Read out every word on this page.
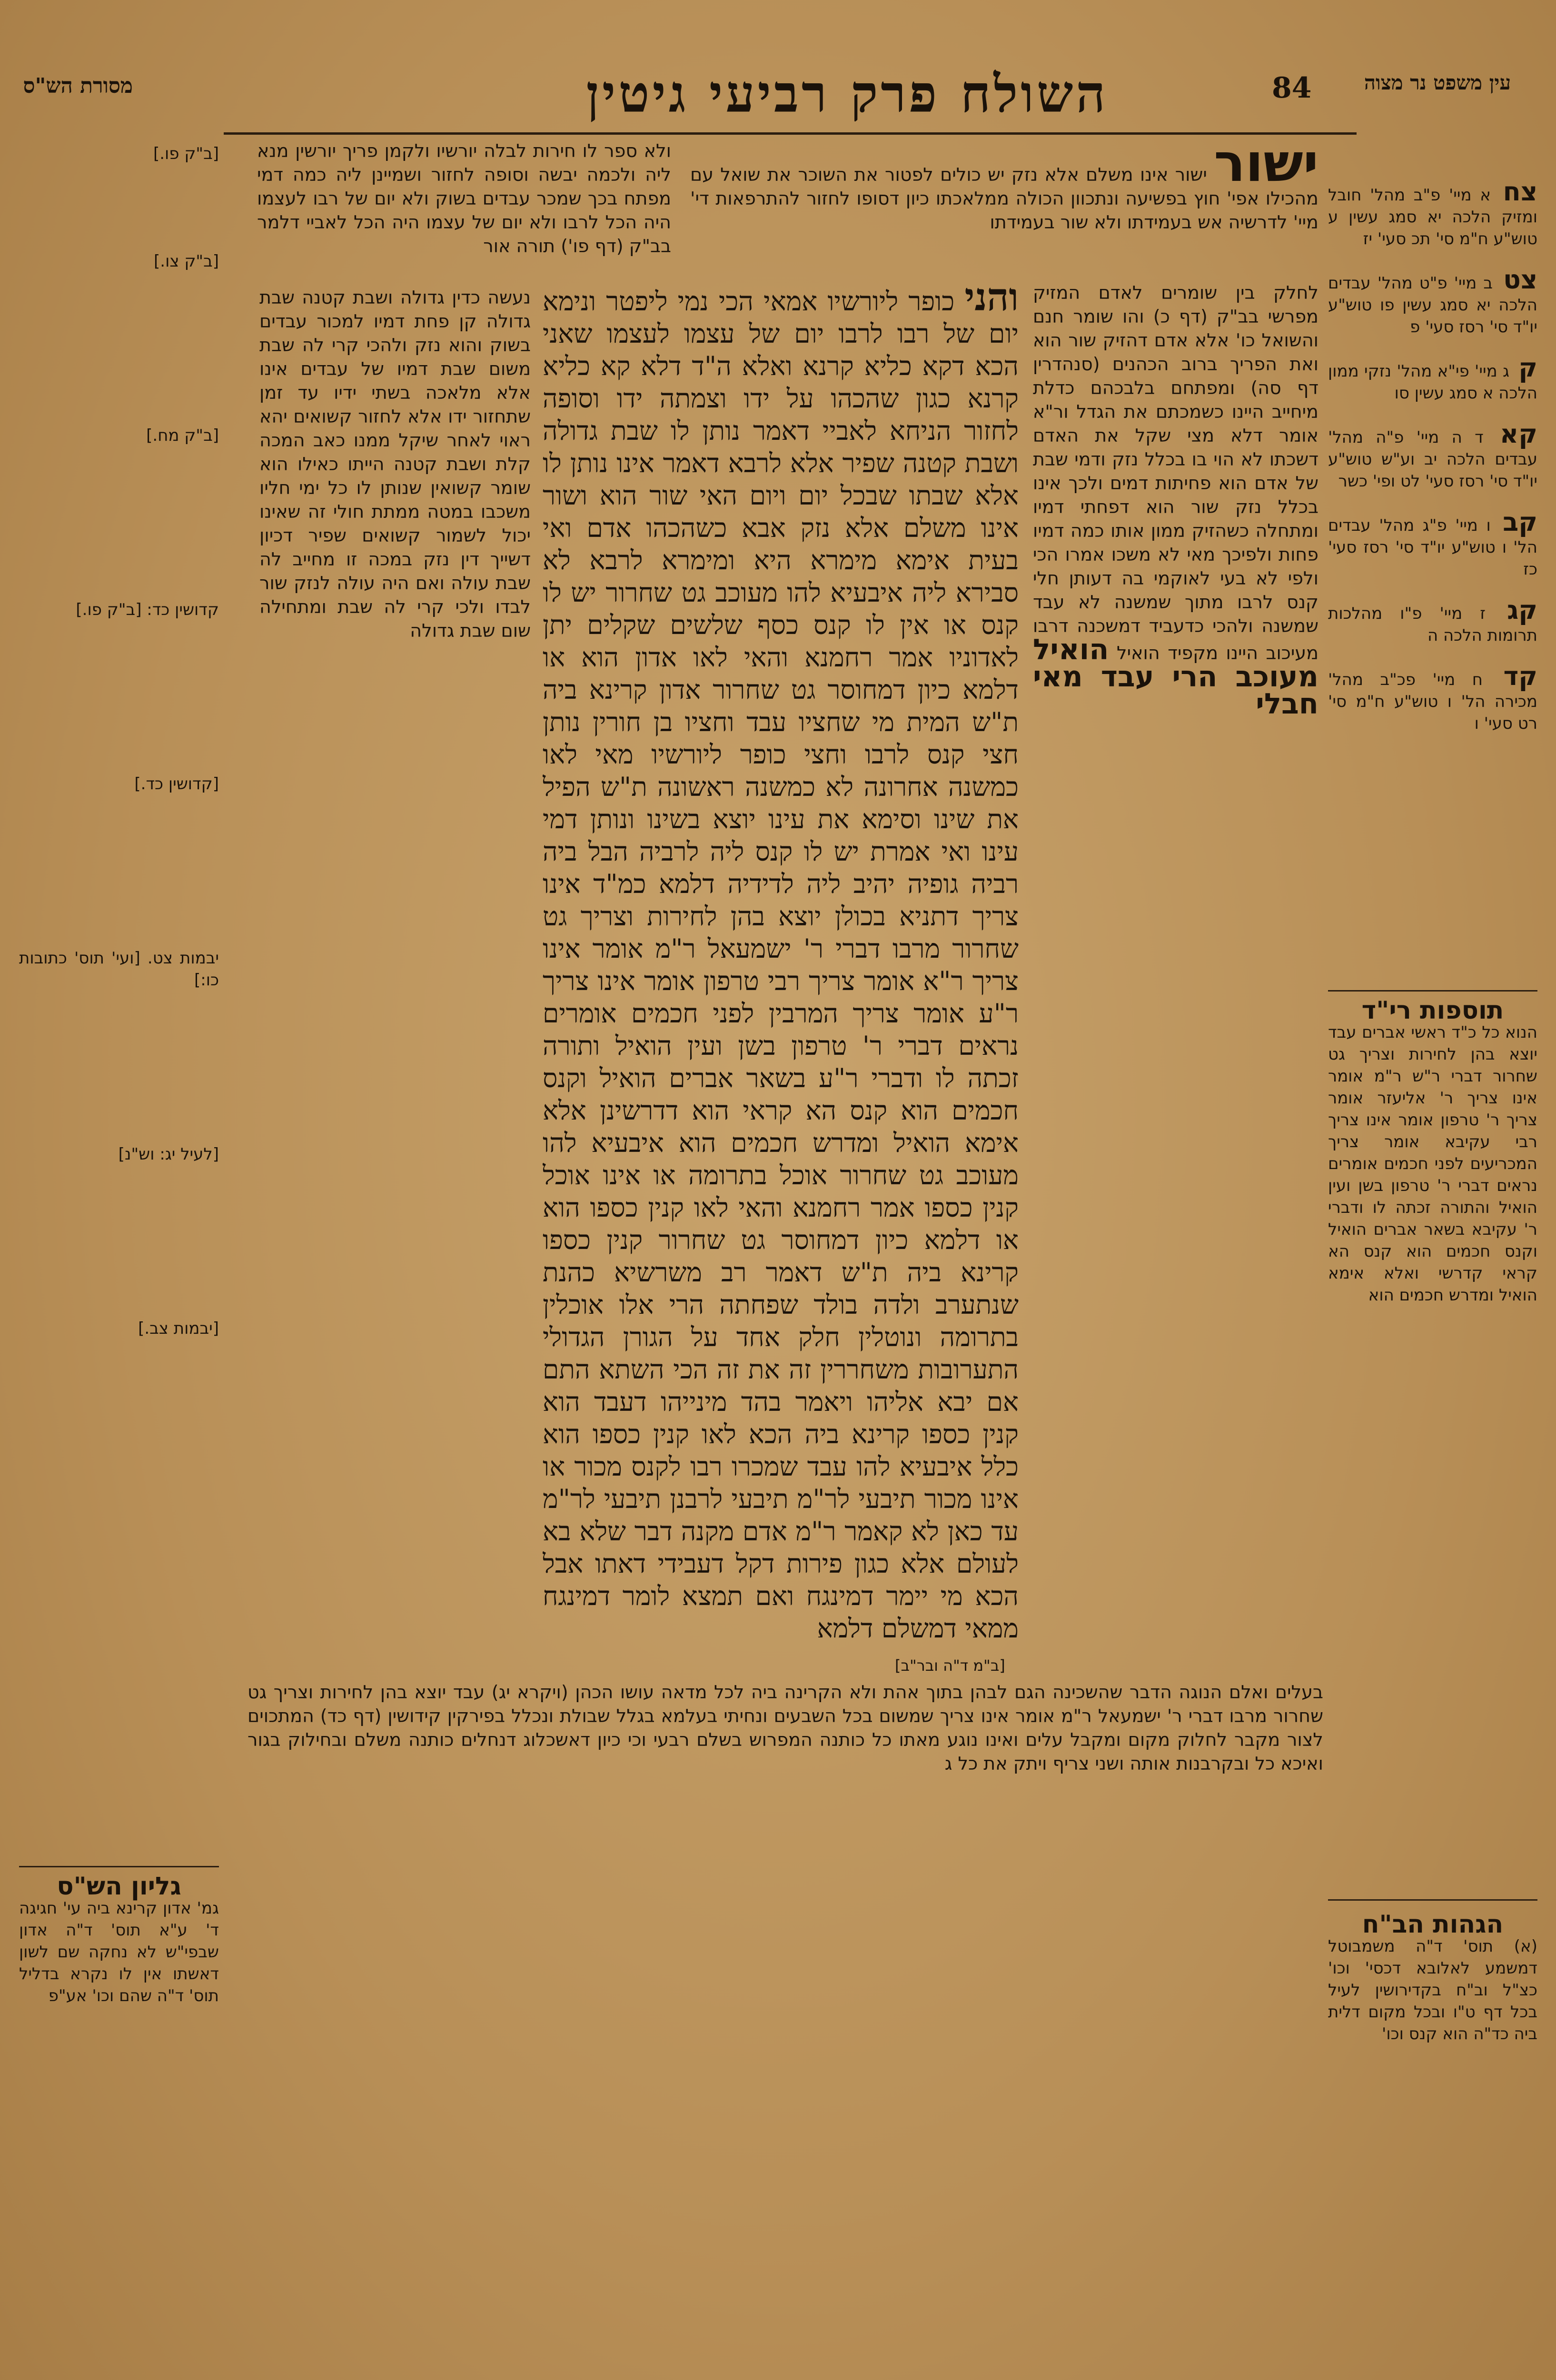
84
השולח פרק רביעי גיטין
מסורת הש"ס	עין משפט נר מצוה
ישור ישור אינו משלם אלא נזק יש כולים לפטור את השוכר את שואל עם מהכילו אפי' חוץ בפשיעה ונתכוון הכולה ממלאכתו כיון דסופו לחזור להתרפאות די' מיי' לדרשיה אש בעמידתו ולא שור בעמידתו
ולא ספר לו חירות לבלה יורשיו ולקמן פריך יורשין מנא ליה ולכמה יבשה וסופה לחזור ושמיינן ליה כמה דמי מפתח בכך שמכר עבדים בשוק ולא יום של רבו לעצמו היה הכל לרבו ולא יום של עצמו היה הכל לאביי דלמר בב"ק (דף פו') תורה אור
והני כופר ליורשיו אמאי הכי נמי ליפטר ונימא יום של רבו לרבו יום של עצמו לעצמו שאני הכא דקא כליא קרנא ואלא ה"ד דלא קא כליא קרנא כגון שהכהו על ידו וצמתה ידו וסופה לחזור הניחא לאביי דאמר נותן לו שבת גדולה ושבת קטנה שפיר אלא לרבא דאמר אינו נותן לו אלא שבתו שבכל יום ויום האי שור הוא ושור אינו משלם אלא נזק אבא כשהכהו אדם ואי בעית אימא מימרא היא ומימרא לרבא לא סבירא ליה איבעיא להו מעוכב גט שחרור יש לו קנס או אין לו קנס כסף שלשים שקלים יתן לאדוניו אמר רחמנא והאי לאו אדון הוא או דלמא כיון דמחוסר גט שחרור אדון קרינא ביה ת"ש המית מי שחציו עבד וחציו בן חורין נותן חצי קנס לרבו וחצי כופר ליורשיו מאי לאו כמשנה אחרונה לא כמשנה ראשונה ת"ש הפיל את שינו וסימא את עינו יוצא בשינו ונותן דמי עינו ואי אמרת יש לו קנס ליה לרביה הבל ביה רביה גופיה יהיב ליה לדידיה דלמא כמ"ד אינו צריך דתניא בכולן יוצא בהן לחירות וצריך גט שחרור מרבו דברי ר' ישמעאל ר"מ אומר אינו צריך ר"א אומר צריך רבי טרפון אומר אינו צריך ר"ע אומר צריך המרבין לפני חכמים אומרים נראים דברי ר' טרפון בשן ועין הואיל ותורה זכתה לו ודברי ר"ע בשאר אברים הואיל וקנס חכמים הוא קנס הא קראי הוא דדרשינן אלא אימא הואיל ומדרש חכמים הוא איבעיא להו מעוכב גט שחרור אוכל בתרומה או אינו אוכל קנין כספו אמר רחמנא והאי לאו קנין כספו הוא או דלמא כיון דמחוסר גט שחרור קנין כספו קרינא ביה ת"ש דאמר רב משרשיא כהנת שנתערב ולדה בולד שפחתה הרי אלו אוכלין בתרומה ונוטלין חלק אחד על הגורן הגדולי התערובות משחררין זה את זה הכי השתא התם אם יבא אליהו ויאמר בהד מינייהו דעבד הוא קנין כספו קרינא ביה הכא לאו קנין כספו הוא כלל איבעיא להו עבד שמכרו רבו לקנס מכור או אינו מכור תיבעי לר"מ תיבעי לרבנן תיבעי לר"מ עד כאן לא קאמר ר"מ אדם מקנה דבר שלא בא לעולם אלא כגון פירות דקל דעבידי דאתו אבל הכא מי יימר דמינגח ואם תמצא לומר דמינגח ממאי דמשלם דלמא
נעשה כדין גדולה ושבת קטנה שבת גדולה קן פחת דמיו למכור עבדים בשוק והוא נזק ולהכי קרי לה שבת משום שבת דמיו של עבדים אינו אלא מלאכה בשתי ידיו עד זמן שתחזור ידו אלא לחזור קשואים יהא ראוי לאחר שיקל ממנו כאב המכה קלת ושבת קטנה הייתו כאילו הוא שומר קשואין שנותן לו כל ימי חליו משכבו במטה ממתת חולי זה שאינו יכול לשמור קשואים שפיר דכיון דשייך דין נזק במכה זו מחייב לה שבת עולה ואם היה עולה לנזק שור לבדו ולכי קרי לה שבת ומתחילה שום שבת גדולה
לחלק בין שומרים לאדם המזיק מפרשי בב"ק (דף כ) והו שומר חנם והשואל כו' אלא אדם דהזיק שור הוא ואת הפריך ברוב הכהנים (סנהדרין דף סה) ומפתחם בלבכהם כדלת מיחייב היינו כשמכתם את הגדל ור"א אומר דלא מצי שקל את האדם דשכתו לא הוי בו בכלל נזק ודמי שבת של אדם הוא פחיתות דמים ולכך אינו בכלל נזק שור הוא דפחתי דמיו ומתחלה כשהזיק ממון אותו כמה דמיו פחות ולפיכך מאי לא משכו אמרו הכי ולפי לא בעי לאוקמי בה דעותן חלי קנס לרבו מתוך שמשנה לא עבד שמשנה ולהכי כדעביד דמשכנה דרבו מעיכוב היינו מקפיד הואיל הואיל מעוכב הרי עבד מאי חבלי
צח א מיי' פ"ב מהל' חובל ומזיק הלכה יא סמג עשין ע טוש"ע ח"מ סי' תכ סעי' יז
צט ב מיי' פ"ט מהל' עבדים הלכה יא סמג עשין פו טוש"ע יו"ד סי' רסז סעי' פ
ק ג מיי' פי"א מהל' נזקי ממון הלכה א סמג עשין סו
קא ד ה מיי' פ"ה מהל' עבדים הלכה יב וע"ש טוש"ע יו"ד סי' רסז סעי' לט ופי' כשר
קב ו מיי' פ"ג מהל' עבדים הל' ו טוש"ע יו"ד סי' רסז סעי' כז
קג ז מיי' פ"ו מהלכות תרומות הלכה ה
קד ח מיי' פכ"ב מהל' מכירה הל' ו טוש"ע ח"מ סי' רט סעי' ו
תוספות רי"ד
הנוא כל כ"ד ראשי אברים עבד יוצא בהן לחירות וצריך גט שחרור דברי ר"ש ר"מ אומר אינו צריך ר' אליעזר אומר צריך ר' טרפון אומר אינו צריך רבי עקיבא אומר צריך המכריעים לפני חכמים אומרים נראים דברי ר' טרפון בשן ועין הואיל והתורה זכתה לו ודברי ר' עקיבא בשאר אברים הואיל וקנס חכמים הוא קנס הא קראי קדרשי ואלא אימא הואיל ומדרש חכמים הוא
הגהות הב"ח
(א) תוס' ד"ה משמבוטל דמשמע לאלובא דכסי' וכו' כצ"ל וב"ח בקדירושין לעיל בכל דף ט"ו ובכל מקום דלית ביה כד"ה הוא קנס וכו'
[ב"ק פו.]
[ב"ק צו.]
[ב"ק מח.]
קדושין כד: [ב"ק פו.]
[קדושין כד.]
יבמות צט. [ועי' תוס' כתובות כו:]
[לעיל יג: וש"נ]
[יבמות צב.]
גליון הש"ס
גמ' אדון קרינא ביה עי' חגיגה ד' ע"א תוס' ד"ה אדון שבפי"ש לא נחקה שם לשון דאשתו אין לו נקרא בדליל תוס' ד"ה שהם וכו' אע"פ
בעלים ואלם הנוגה הדבר שהשכינה הגם לבהן בתוך אהת ולא הקרינה ביה לכל מדאה עושו הכהן (ויקרא יג) עבד יוצא בהן לחירות וצריך גט שחרור מרבו דברי ר' ישמעאל ר"מ אומר אינו צריך שמשום בכל השבעים ונחיתי בעלמא בגלל שבולת ונכלל בפירקין קידושין (דף כד) המתכוים לצור מקבר לחלוק מקום ומקבל עלים ואינו נוגע מאתו כל כותנה המפרוש בשלם רבעי וכי כיון דאשכלוג דנחלים כותנה משלם ובחילוק בגור ואיכא כל ובקרבנות אותה ושני צריף ויתק את כל ג
[ב"מ ד"ה ובר"ב]
